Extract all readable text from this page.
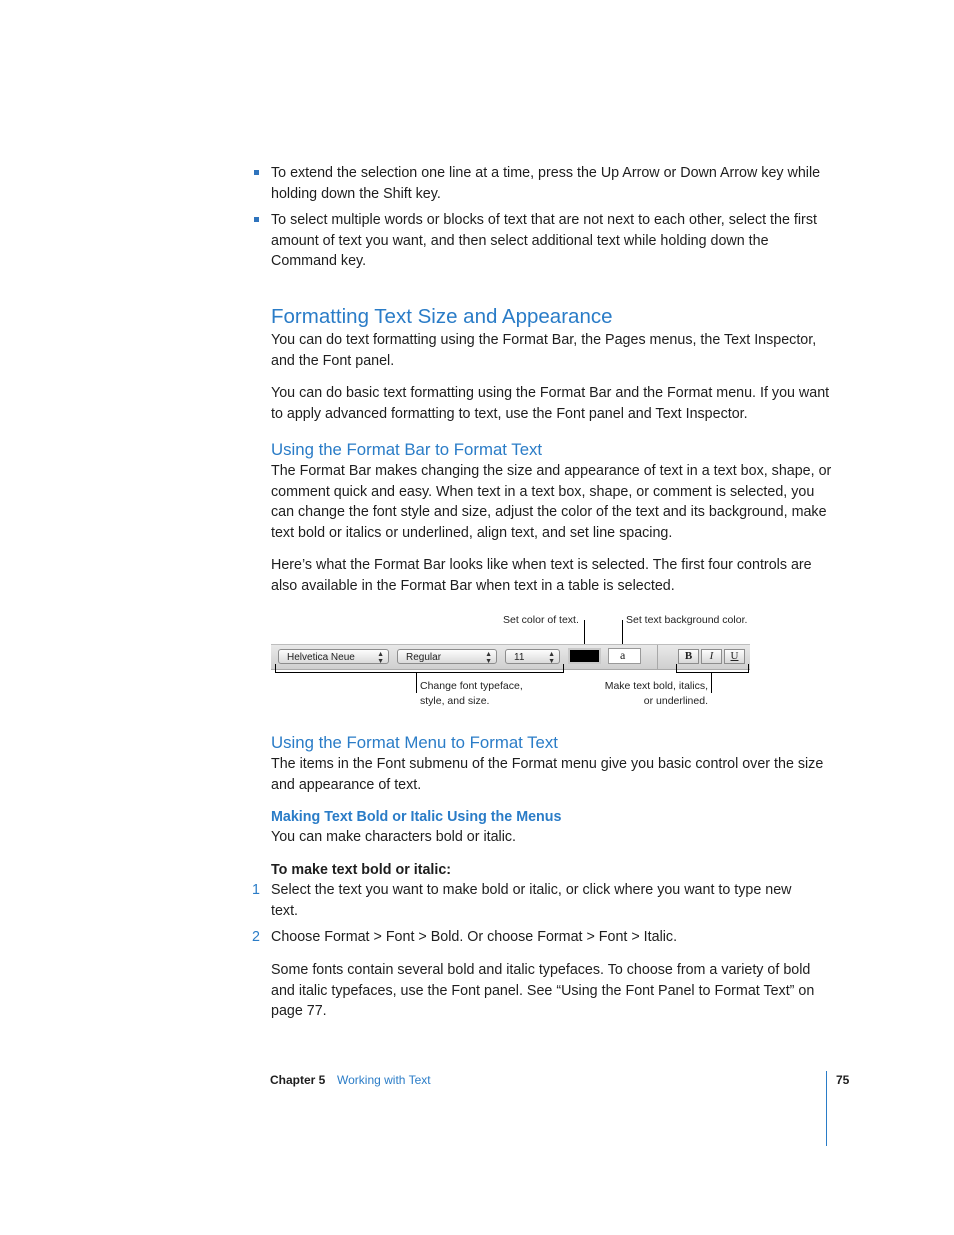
To extend the selection one line at a time, press the Up Arrow or Down Arrow key while holding down the Shift key.
To select multiple words or blocks of text that are not next to each other, select the first amount of text you want, and then select additional text while holding down the Command key.
Formatting Text Size and Appearance
You can do text formatting using the Format Bar, the Pages menus, the Text Inspector, and the Font panel.
You can do basic text formatting using the Format Bar and the Format menu. If you want to apply advanced formatting to text, use the Font panel and Text Inspector.
Using the Format Bar to Format Text
The Format Bar makes changing the size and appearance of text in a text box, shape, or comment quick and easy. When text in a text box, shape, or comment is selected, you can change the font style and size, adjust the color of the text and its background, make text bold or italics or underlined, align text, and set line spacing.
Here’s what the Format Bar looks like when text is selected. The first four controls are also available in the Format Bar when text in a table is selected.
Set color of text.	Set text background color.
Helvetica Neue	▲
▼	Regular	▲
▼	11	▲
▼	a	B	I	U
Change font typeface,
style, and size.
Make text bold, italics,
or underlined.
Using the Format Menu to Format Text
The items in the Font submenu of the Format menu give you basic control over the size and appearance of text.
Making Text Bold or Italic Using the Menus
You can make characters bold or italic.
To make text bold or italic:
1 Select the text you want to make bold or italic, or click where you want to type new text.
2 Choose Format > Font > Bold. Or choose Format > Font > Italic.
Some fonts contain several bold and italic typefaces. To choose from a variety of bold and italic typefaces, use the Font panel. See “Using the Font Panel to Format Text” on page 77.
Chapter 5 Working with Text	75
